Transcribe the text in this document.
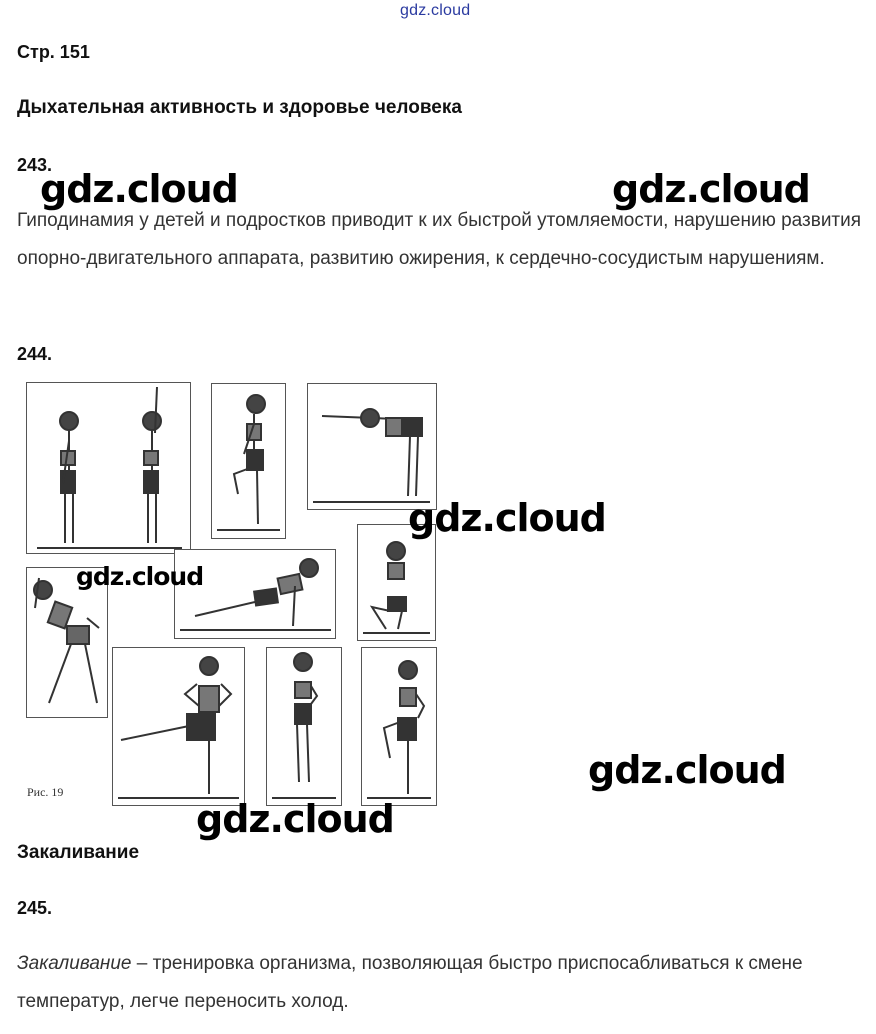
gdz.cloud
Стр. 151
Дыхательная активность и здоровье человека
243.
Гиподинамия у детей и подростков приводит к их быстрой утомляемости, нарушению развития опорно-двигательного аппарата, развитию ожирения, к сердечно-сосудистым нарушениям.
244.
Рис. 19
Закаливание
245.
Закаливание – тренировка организма, позволяющая быстро приспосабливаться к смене температур, легче переносить холод.
gdz.cloud	gdz.cloud
gdz.cloud
gdz.cloud
gdz.cloud
gdz.cloud
